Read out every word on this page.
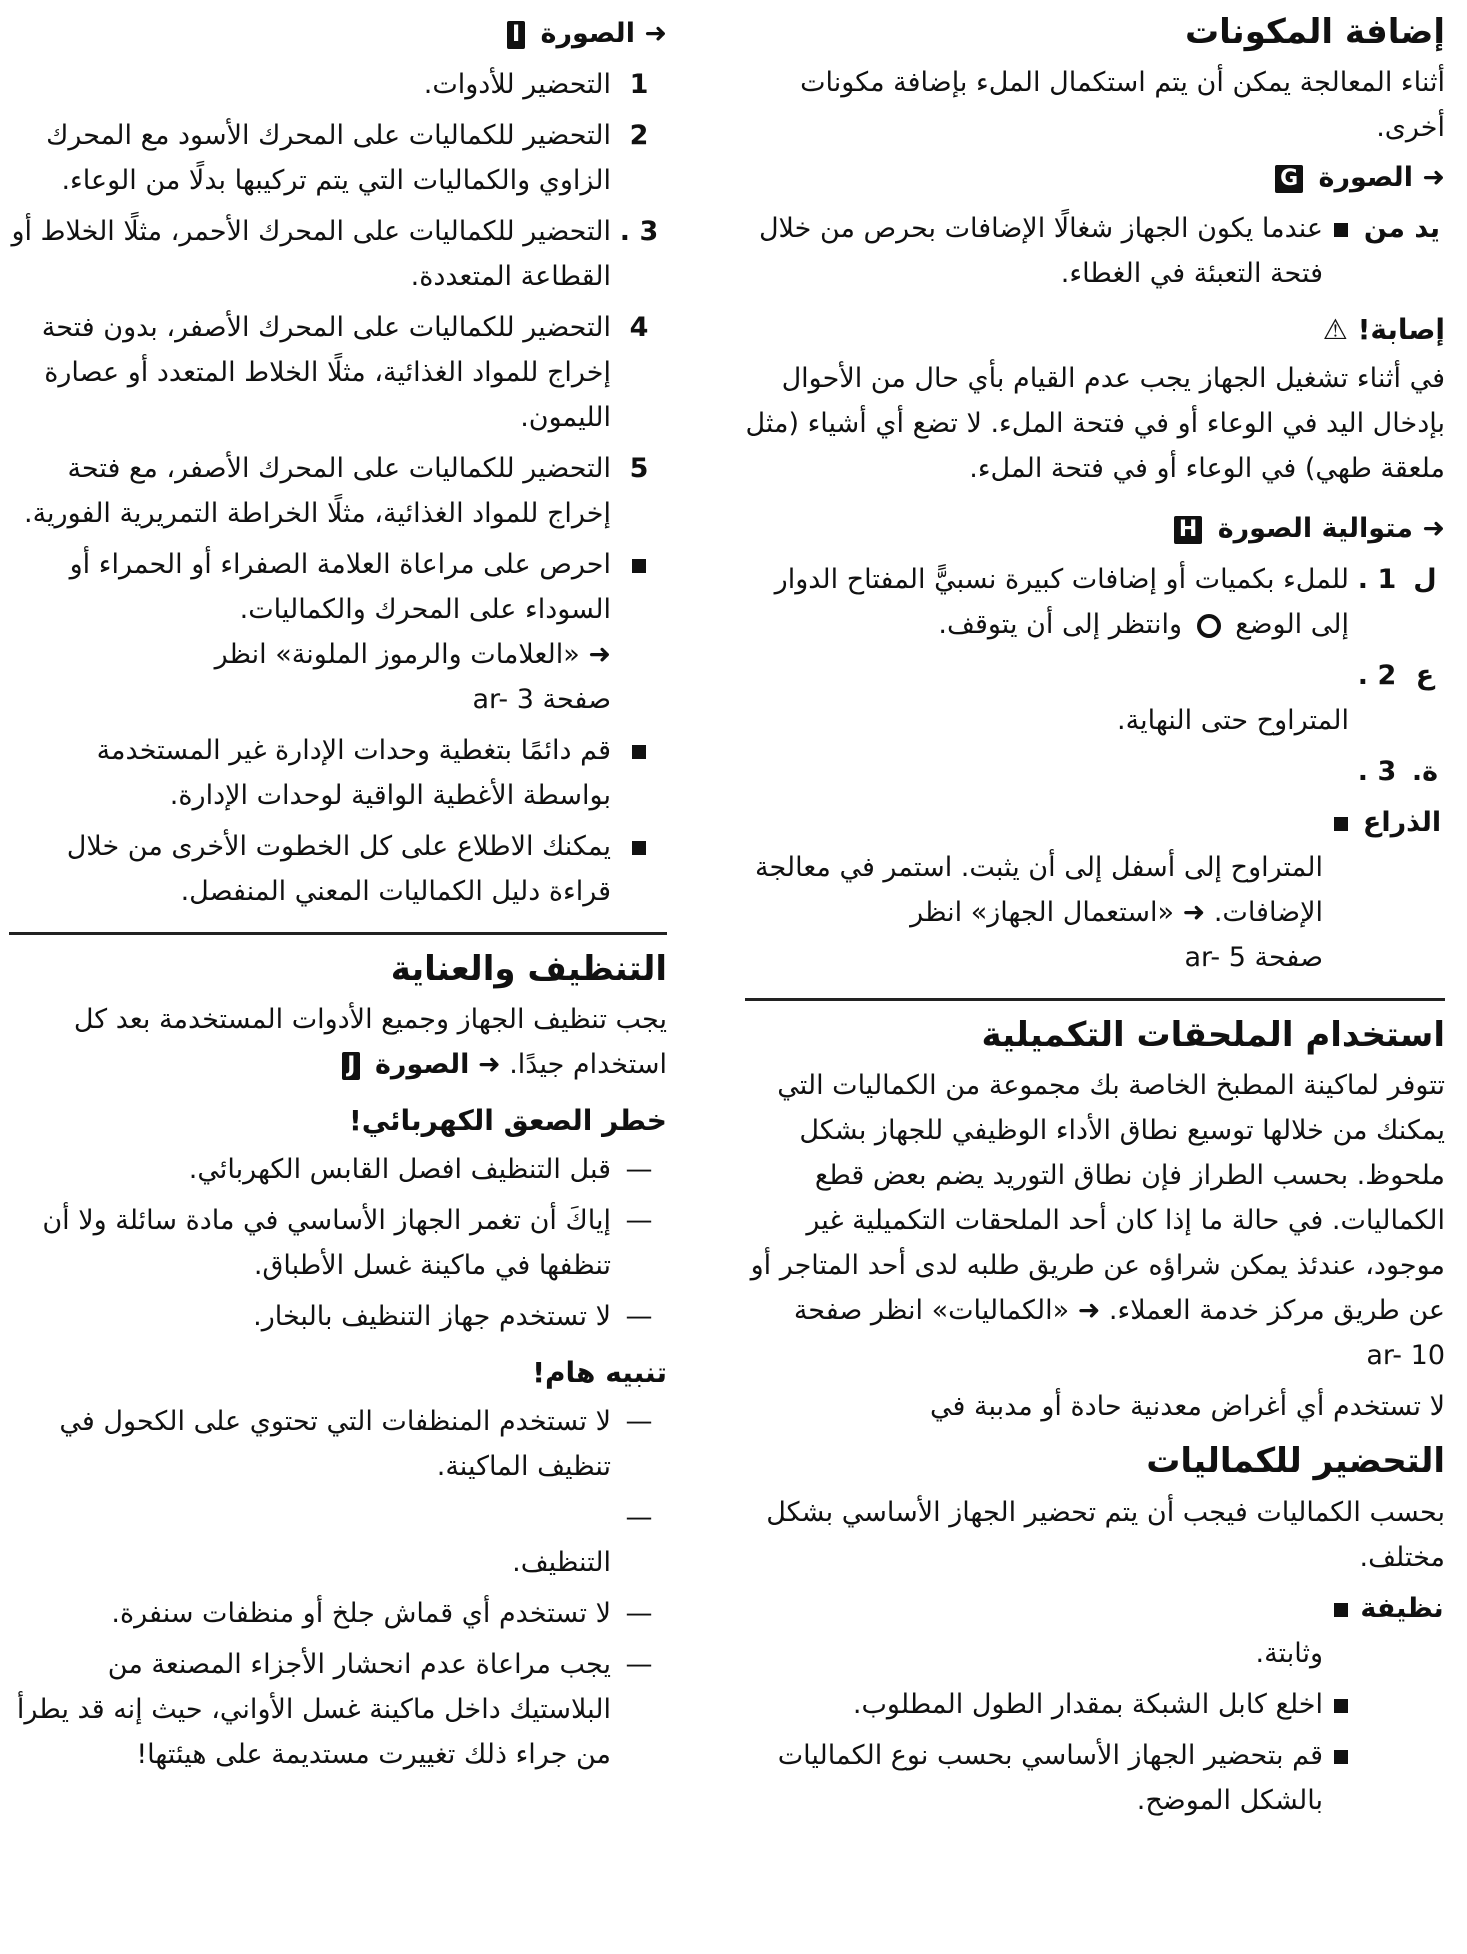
إضافة المكونات
أثناء المعالجة يمكن أن يتم استكمال الملء بإضافة مكونات أخرى.
➜ الصورة G
يد من
عندما يكون الجهاز شغالًا الإضافات بحرص من خلال فتحة التعبئة في الغطاء.
إصابة! ⚠
في أثناء تشغيل الجهاز يجب عدم القيام بأي حال من الأحوال بإدخال اليد في الوعاء أو في فتحة الملء. لا تضع أي أشياء (مثل ملعقة طهي) في الوعاء أو في فتحة الملء.
➜ متوالية الصورة H
ل
1 .
للملء بكميات أو إضافات كبيرة نسبيًّ المفتاح الدوار إلى الوضع  وانتظر إلى أن يتوقف.
ع
2 .
المتراوح حتى النهاية.
ة.
3 .
الذراع
المتراوح إلى أسفل إلى أن يثبت. استمر في معالجة الإضافات. ➜ «استعمال الجهاز» انظر
صفحة ar- 5
استخدام الملحقات التكميلية
تتوفر لماكينة المطبخ الخاصة بك مجموعة من الكماليات التي يمكنك من خلالها توسيع نطاق الأداء الوظيفي للجهاز بشكل ملحوظ. بحسب الطراز فإن نطاق التوريد يضم بعض قطع الكماليات. في حالة ما إذا كان أحد الملحقات التكميلية غير موجود، عندئذ يمكن شراؤه عن طريق طلبه لدى أحد المتاجر أو عن طريق مركز خدمة العملاء. ➜ «الكماليات» انظر صفحة ar- 10
لا تستخدم أي أغراض معدنية حادة أو مدببة في
التحضير للكماليات
بحسب الكماليات فيجب أن يتم تحضير الجهاز الأساسي بشكل مختلف.
نظيفة
وثابتة.
اخلع كابل الشبكة بمقدار الطول المطلوب.
قم بتحضير الجهاز الأساسي بحسب نوع الكماليات بالشكل الموضح.
➜ الصورة I
1
التحضير للأدوات.
2
التحضير للكماليات على المحرك الأسود مع المحرك الزاوي والكماليات التي يتم تركيبها بدلًا من الوعاء.
3 .
التحضير للكماليات على المحرك الأحمر، مثلًا الخلاط أو القطاعة المتعددة.
4
التحضير للكماليات على المحرك الأصفر، بدون فتحة إخراج للمواد الغذائية، مثلًا الخلاط المتعدد أو عصارة الليمون.
5
التحضير للكماليات على المحرك الأصفر، مع فتحة إخراج للمواد الغذائية، مثلًا الخراطة التمريرية الفورية.
احرص على مراعاة العلامة الصفراء أو الحمراء أو السوداء على المحرك والكماليات.
➜ «العلامات والرموز الملونة» انظر
صفحة ar- 3
قم دائمًا بتغطية وحدات الإدارة غير المستخدمة بواسطة الأغطية الواقية لوحدات الإدارة.
يمكنك الاطلاع على كل الخطوت الأخرى من خلال قراءة دليل الكماليات المعني المنفصل.
التنظيف والعناية
يجب تنظيف الجهاز وجميع الأدوات المستخدمة بعد كل استخدام جيدًا. ➜ الصورة J
خطر الصعق الكهربائي!
—
قبل التنظيف افصل القابس الكهربائي.
—
إياكَ أن تغمر الجهاز الأساسي في مادة سائلة ولا أن تنظفها في ماكينة غسل الأطباق.
—
لا تستخدم جهاز التنظيف بالبخار.
تنبيه هام!
—
لا تستخدم المنظفات التي تحتوي على الكحول في تنظيف الماكينة.
—
التنظيف.
—
لا تستخدم أي قماش جلخ أو منظفات سنفرة.
—
يجب مراعاة عدم انحشار الأجزاء المصنعة من البلاستيك داخل ماكينة غسل الأواني، حيث إنه قد يطرأ من جراء ذلك تغييرت مستديمة على هيئتها!
